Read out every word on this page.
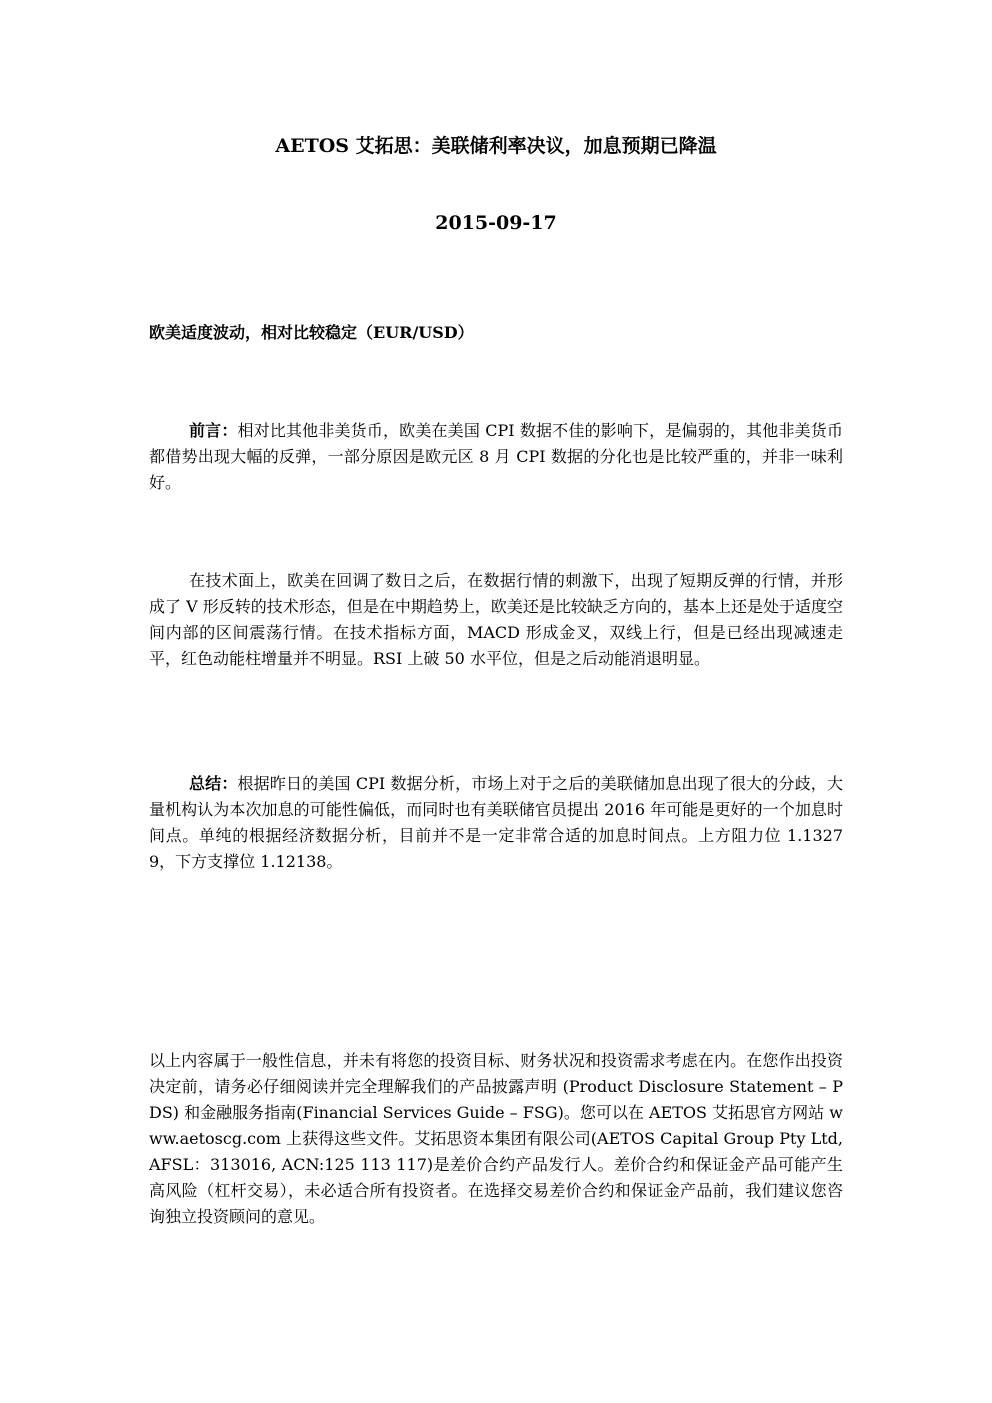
AETOS 艾拓思：美联储利率决议，加息预期已降温
2015-09-17
欧美适度波动，相对比较稳定（EUR/USD）
前言：相对比其他非美货币，欧美在美国 CPI 数据不佳的影响下，是偏弱的，其他非美货币都借势出现大幅的反弹，一部分原因是欧元区 8 月 CPI 数据的分化也是比较严重的，并非一味利好。
在技术面上，欧美在回调了数日之后，在数据行情的刺激下，出现了短期反弹的行情，并形成了 V 形反转的技术形态，但是在中期趋势上，欧美还是比较缺乏方向的，基本上还是处于适度空间内部的区间震荡行情。在技术指标方面，MACD 形成金叉，双线上行，但是已经出现减速走平，红色动能柱增量并不明显。RSI 上破 50 水平位，但是之后动能消退明显。
总结：根据昨日的美国 CPI 数据分析，市场上对于之后的美联储加息出现了很大的分歧，大量机构认为本次加息的可能性偏低，而同时也有美联储官员提出 2016 年可能是更好的一个加息时间点。单纯的根据经济数据分析，目前并不是一定非常合适的加息时间点。上方阻力位 1.13279，下方支撑位 1.12138。
以上内容属于一般性信息，并未有将您的投资目标、财务状况和投资需求考虑在内。在您作出投资决定前，请务必仔细阅读并完全理解我们的产品披露声明 (Product Disclosure Statement – PDS) 和金融服务指南(Financial Services Guide – FSG)。您可以在 AETOS 艾拓思官方网站 www.aetoscg.com 上获得这些文件。艾拓思资本集团有限公司(AETOS Capital Group Pty Ltd, AFSL：313016, ACN:125 113 117)是差价合约产品发行人。差价合约和保证金产品可能产生高风险（杠杆交易），未必适合所有投资者。在选择交易差价合约和保证金产品前，我们建议您咨询独立投资顾问的意见。
